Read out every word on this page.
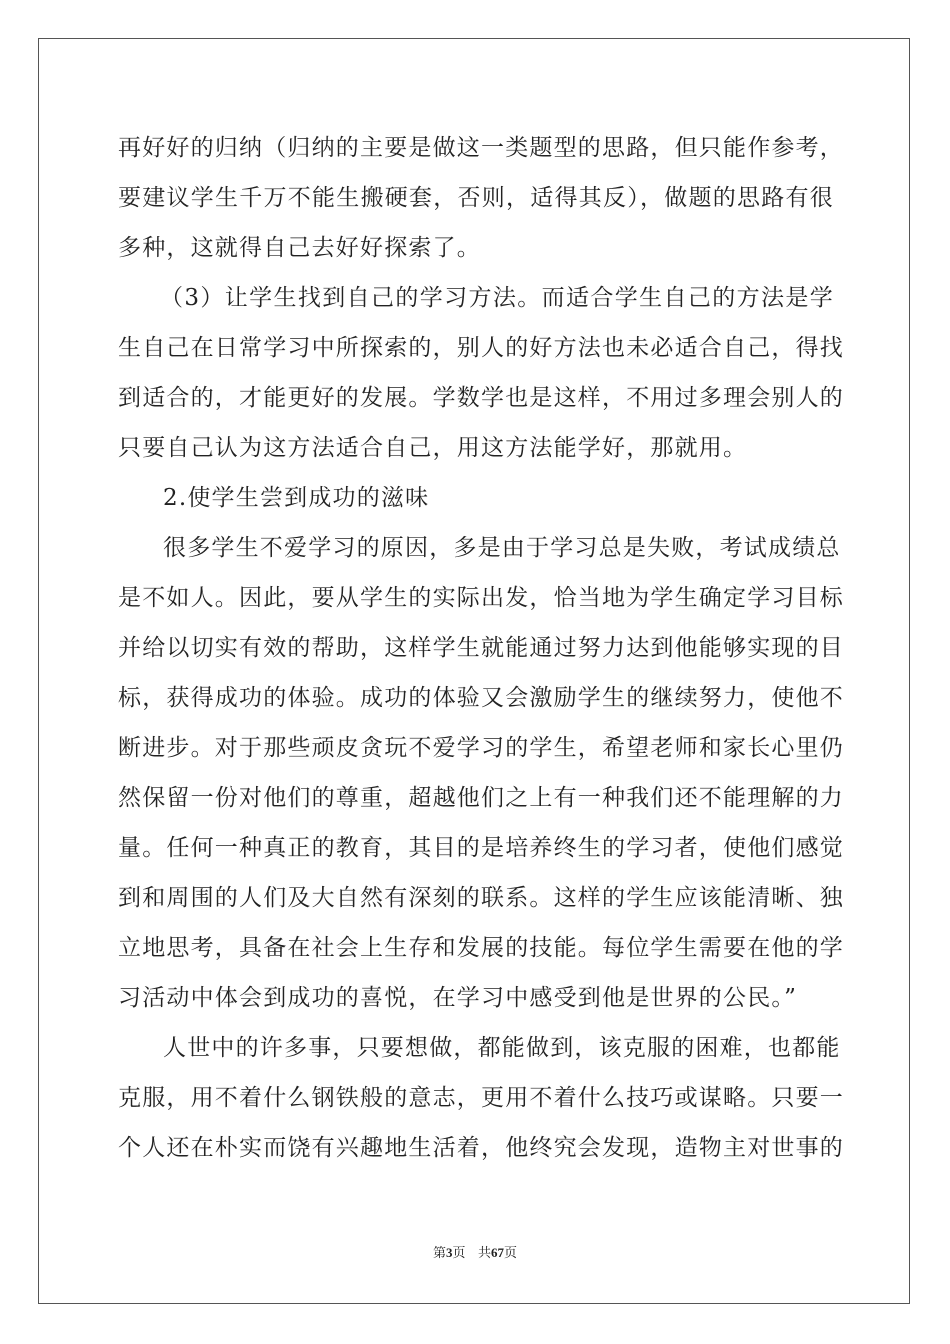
再好好的归纳（归纳的主要是做这一类题型的思路，但只能作参考，
要建议学生千万不能生搬硬套，否则，适得其反），做题的思路有很
多种，这就得自己去好好探索了。
（3）让学生找到自己的学习方法。而适合学生自己的方法是学
生自己在日常学习中所探索的，别人的好方法也未必适合自己，得找
到适合的，才能更好的发展。学数学也是这样，不用过多理会别人的
只要自己认为这方法适合自己，用这方法能学好，那就用。
2.使学生尝到成功的滋味
很多学生不爱学习的原因，多是由于学习总是失败，考试成绩总
是不如人。因此，要从学生的实际出发，恰当地为学生确定学习目标
并给以切实有效的帮助，这样学生就能通过努力达到他能够实现的目
标，获得成功的体验。成功的体验又会激励学生的继续努力，使他不
断进步。对于那些顽皮贪玩不爱学习的学生，希望老师和家长心里仍
然保留一份对他们的尊重，超越他们之上有一种我们还不能理解的力
量。任何一种真正的教育，其目的是培养终生的学习者，使他们感觉
到和周围的人们及大自然有深刻的联系。这样的学生应该能清晰、独
立地思考，具备在社会上生存和发展的技能。每位学生需要在他的学
习活动中体会到成功的喜悦，在学习中感受到他是世界的公民。”
人世中的许多事，只要想做，都能做到，该克服的困难，也都能
克服，用不着什么钢铁般的意志，更用不着什么技巧或谋略。只要一
个人还在朴实而饶有兴趣地生活着，他终究会发现，造物主对世事的
第3页 共67页
